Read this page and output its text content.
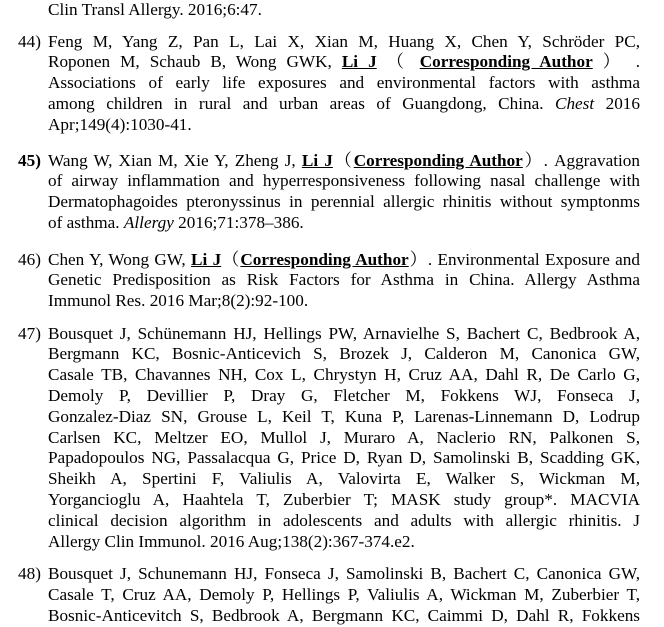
Clin Transl Allergy. 2016;6:47.
44) Feng M, Yang Z, Pan L, Lai X, Xian M, Huang X, Chen Y, Schröder PC,
Roponen M, Schaub B, Wong GWK, Li J （ Corresponding Author ） .
Associations of early life exposures and environmental factors with asthma
among children in rural and urban areas of Guangdong, China. Chest 2016
Apr;149(4):1030-41.
45) Wang W, Xian M, Xie Y, Zheng J, Li J（Corresponding Author）. Aggravation
of airway inflammation and hyperresponsiveness following nasal challenge with
Dermatophagoides pteronyssinus in perennial allergic rhinitis without symptonms
of asthma. Allergy 2016;71:378–386.
46) Chen Y, Wong GW, Li J（Corresponding Author）. Environmental Exposure and
Genetic Predisposition as Risk Factors for Asthma in China. Allergy Asthma
Immunol Res. 2016 Mar;8(2):92-100.
47) Bousquet J, Schünemann HJ, Hellings PW, Arnavielhe S, Bachert C, Bedbrook A,
Bergmann KC, Bosnic-Anticevich S, Brozek J, Calderon M, Canonica GW,
Casale TB, Chavannes NH, Cox L, Chrystyn H, Cruz AA, Dahl R, De Carlo G,
Demoly P, Devillier P, Dray G, Fletcher M, Fokkens WJ, Fonseca J,
Gonzalez-Diaz SN, Grouse L, Keil T, Kuna P, Larenas-Linnemann D, Lodrup
Carlsen KC, Meltzer EO, Mullol J, Muraro A, Naclerio RN, Palkonen S,
Papadopoulos NG, Passalacqua G, Price D, Ryan D, Samolinski B, Scadding GK,
Sheikh A, Spertini F, Valiulis A, Valovirta E, Walker S, Wickman M,
Yorgancioglu A, Haahtela T, Zuberbier T; MASK study group*. MACVIA
clinical decision algorithm in adolescents and adults with allergic rhinitis. J
Allergy Clin Immunol. 2016 Aug;138(2):367-374.e2.
48) Bousquet J, Schunemann HJ, Fonseca J, Samolinski B, Bachert C, Canonica GW,
Casale T, Cruz AA, Demoly P, Hellings P, Valiulis A, Wickman M, Zuberbier T,
Bosnic-Anticevitch S, Bedbrook A, Bergmann KC, Caimmi D, Dahl R, Fokkens
